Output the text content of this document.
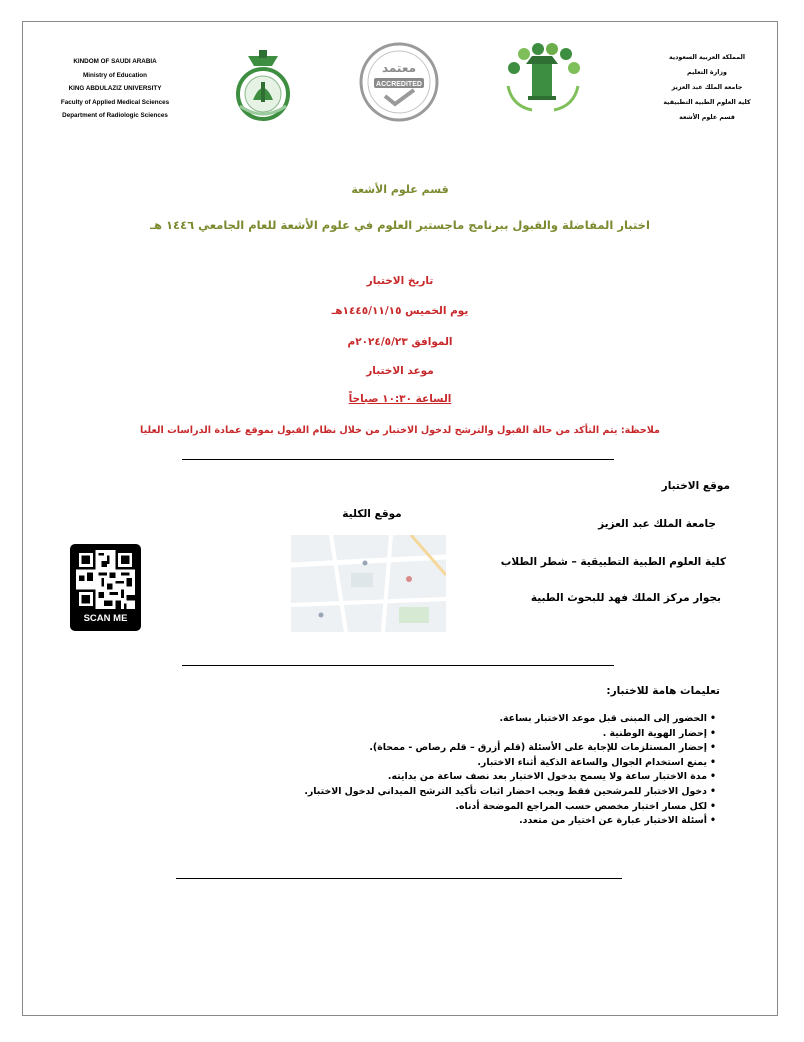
KINDOM OF SAUDI ARABIA
Ministry of Education
KING ABDULAZIZ UNIVERSITY
Faculty of Applied Medical Sciences
Department of Radiologic Sciences
المملكة العربية السعودية
وزارة التعليم
جامعة الملك عبد العزيز
كلية العلوم الطبية التطبيقية
قسم علوم الأشعة
معتمد
ACCREDITED
قسم علوم الأشعة
اختبار المفاضلة والقبول ببرنامج ماجستير العلوم في علوم الأشعة للعام الجامعي ١٤٤٦ هـ
تاريخ الاختبار
يوم الخميس ١٤٤٥/١١/١٥هـ
الموافق ٢٠٢٤/٥/٢٣م
موعد الاختبار
الساعة ١٠:٣٠ صباحاً
ملاحظة: يتم التأكد من حالة القبول والترشح لدخول الاختبار من خلال نظام القبول بموقع عمادة الدراسات العليا
موقع الاختبار
جامعة الملك عبد العزيز
كلية العلوم الطبية التطبيقية – شطر الطلاب
بجوار مركز الملك فهد للبحوث الطبية
موقع الكلية
SCAN ME
تعليمات هامة للاختبار:
•
الحضور إلى المبنى قبل موعد الاختبار بساعة.
•
إحضار الهوية الوطنية .
•
إحضار المستلزمات للإجابة على الأسئلة (قلم أزرق – قلم رصاص - ممحاة).
•
يمنع استخدام الجوال والساعة الذكية أثناء الاختبار.
•
مدة الاختبار ساعة ولا يسمح بدخول الاختبار بعد نصف ساعة من بدايته.
•
دخول الاختبار للمرشحين فقط ويجب احضار اثبات تأكيد الترشح الميداني لدخول الاختبار.
•
لكل مسار اختبار مخصص حسب المراجع الموضحة أدناه.
•
أسئلة الاختبار عبارة عن اختيار من متعدد.
